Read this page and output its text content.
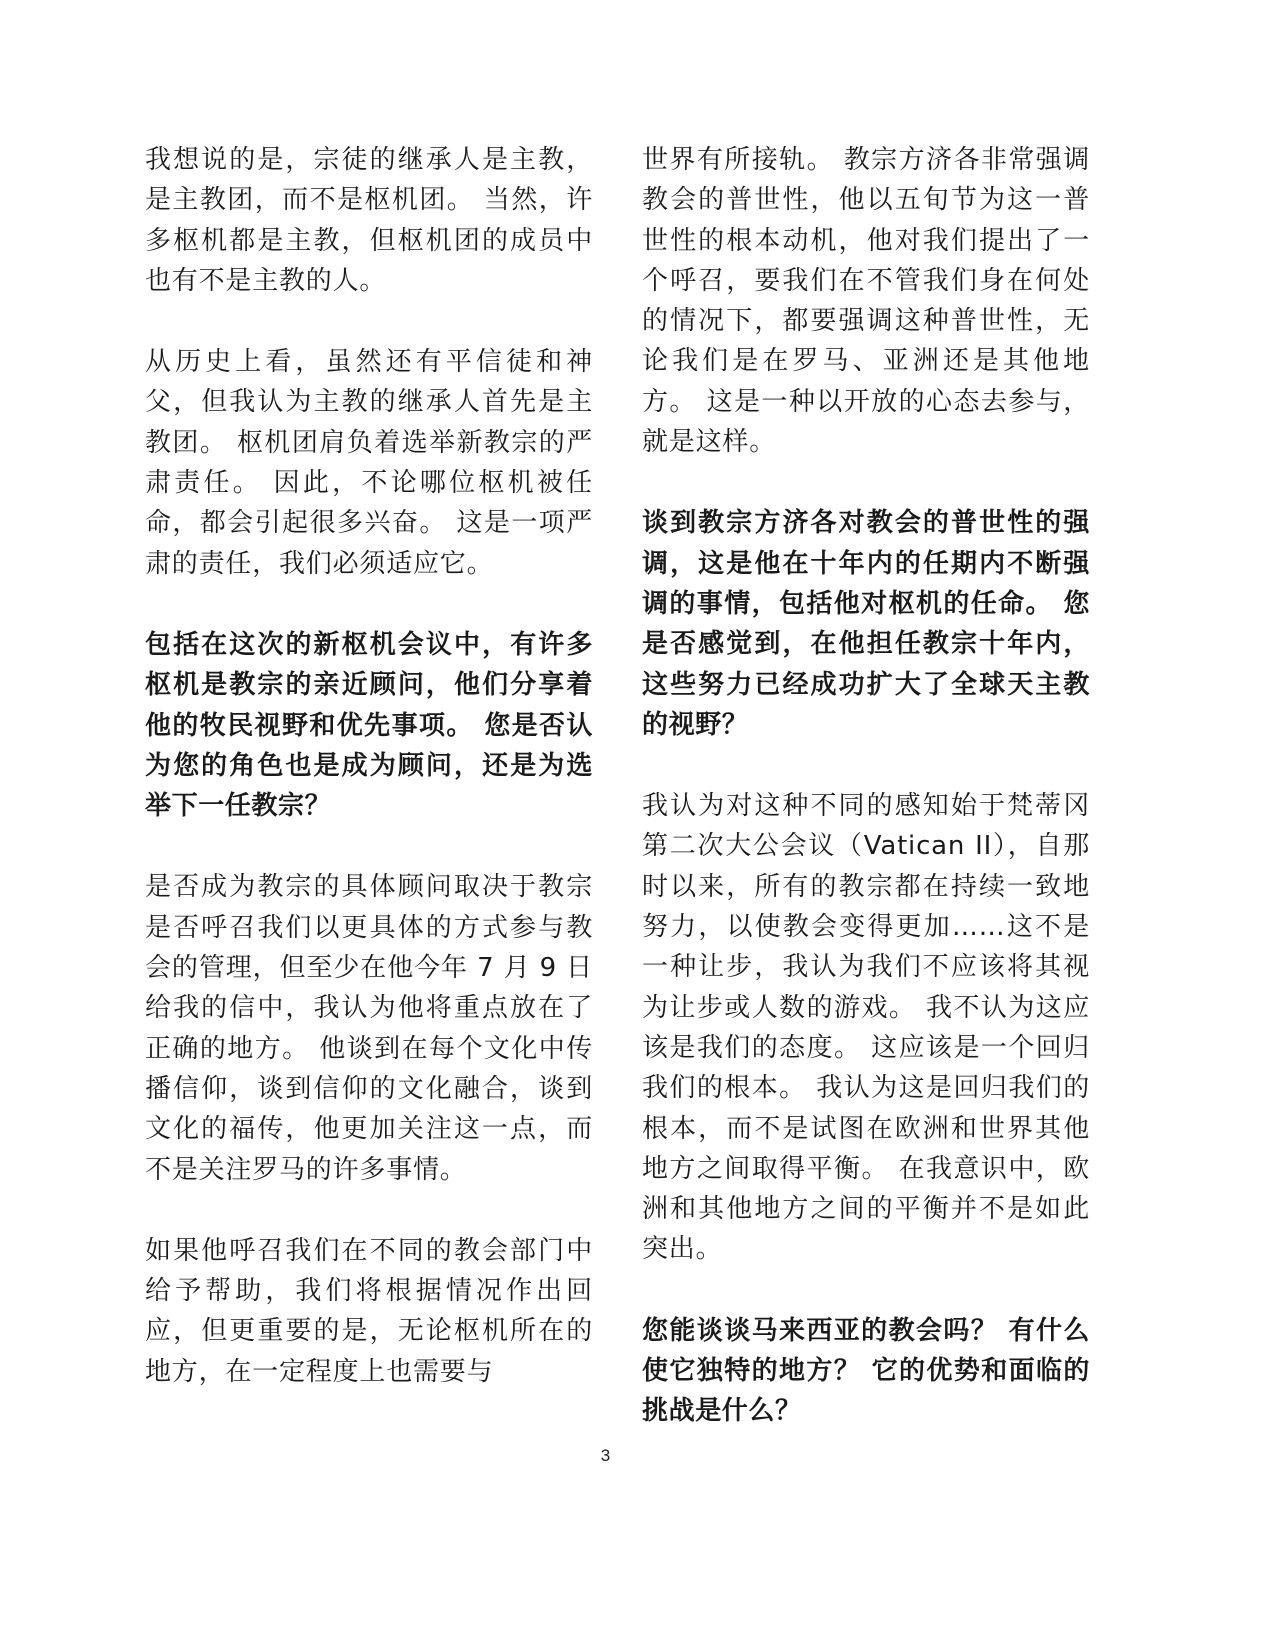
我想说的是，宗徒的继承人是主教，是主教团，而不是枢机团。 当然，许多枢机都是主教，但枢机团的成员中也有不是主教的人。

从历史上看，虽然还有平信徒和神父，但我认为主教的继承人首先是主教团。 枢机团肩负着选举新教宗的严肃责任。 因此，不论哪位枢机被任命，都会引起很多兴奋。 这是一项严肃的责任，我们必须适应它。

包括在这次的新枢机会议中，有许多枢机是教宗的亲近顾问，他们分享着他的牧民视野和优先事项。 您是否认为您的角色也是成为顾问，还是为选举下一任教宗？

是否成为教宗的具体顾问取决于教宗是否呼召我们以更具体的方式参与教会的管理，但至少在他今年 7 月 9 日给我的信中，我认为他将重点放在了正确的地方。 他谈到在每个文化中传播信仰，谈到信仰的文化融合，谈到文化的福传，他更加关注这一点，而不是关注罗马的许多事情。

如果他呼召我们在不同的教会部门中给予帮助，我们将根据情况作出回应，但更重要的是，无论枢机所在的地方，在一定程度上也需要与

世界有所接轨。 教宗方济各非常强调教会的普世性，他以五旬节为这一普世性的根本动机，他对我们提出了一个呼召，要我们在不管我们身在何处的情况下，都要强调这种普世性，无论我们是在罗马、亚洲还是其他地方。 这是一种以开放的心态去参与，就是这样。

谈到教宗方济各对教会的普世性的强调，这是他在十年内的任期内不断强调的事情，包括他对枢机的任命。 您是否感觉到，在他担任教宗十年内，这些努力已经成功扩大了全球天主教的视野？

我认为对这种不同的感知始于梵蒂冈第二次大公会议（Vatican II），自那时以来，所有的教宗都在持续一致地努力，以使教会变得更加……这不是一种让步，我认为我们不应该将其视为让步或人数的游戏。 我不认为这应该是我们的态度。 这应该是一个回归我们的根本。 我认为这是回归我们的根本，而不是试图在欧洲和世界其他地方之间取得平衡。 在我意识中，欧洲和其他地方之间的平衡并不是如此突出。

您能谈谈马来西亚的教会吗？ 有什么使它独特的地方？ 它的优势和面临的挑战是什么？

3
